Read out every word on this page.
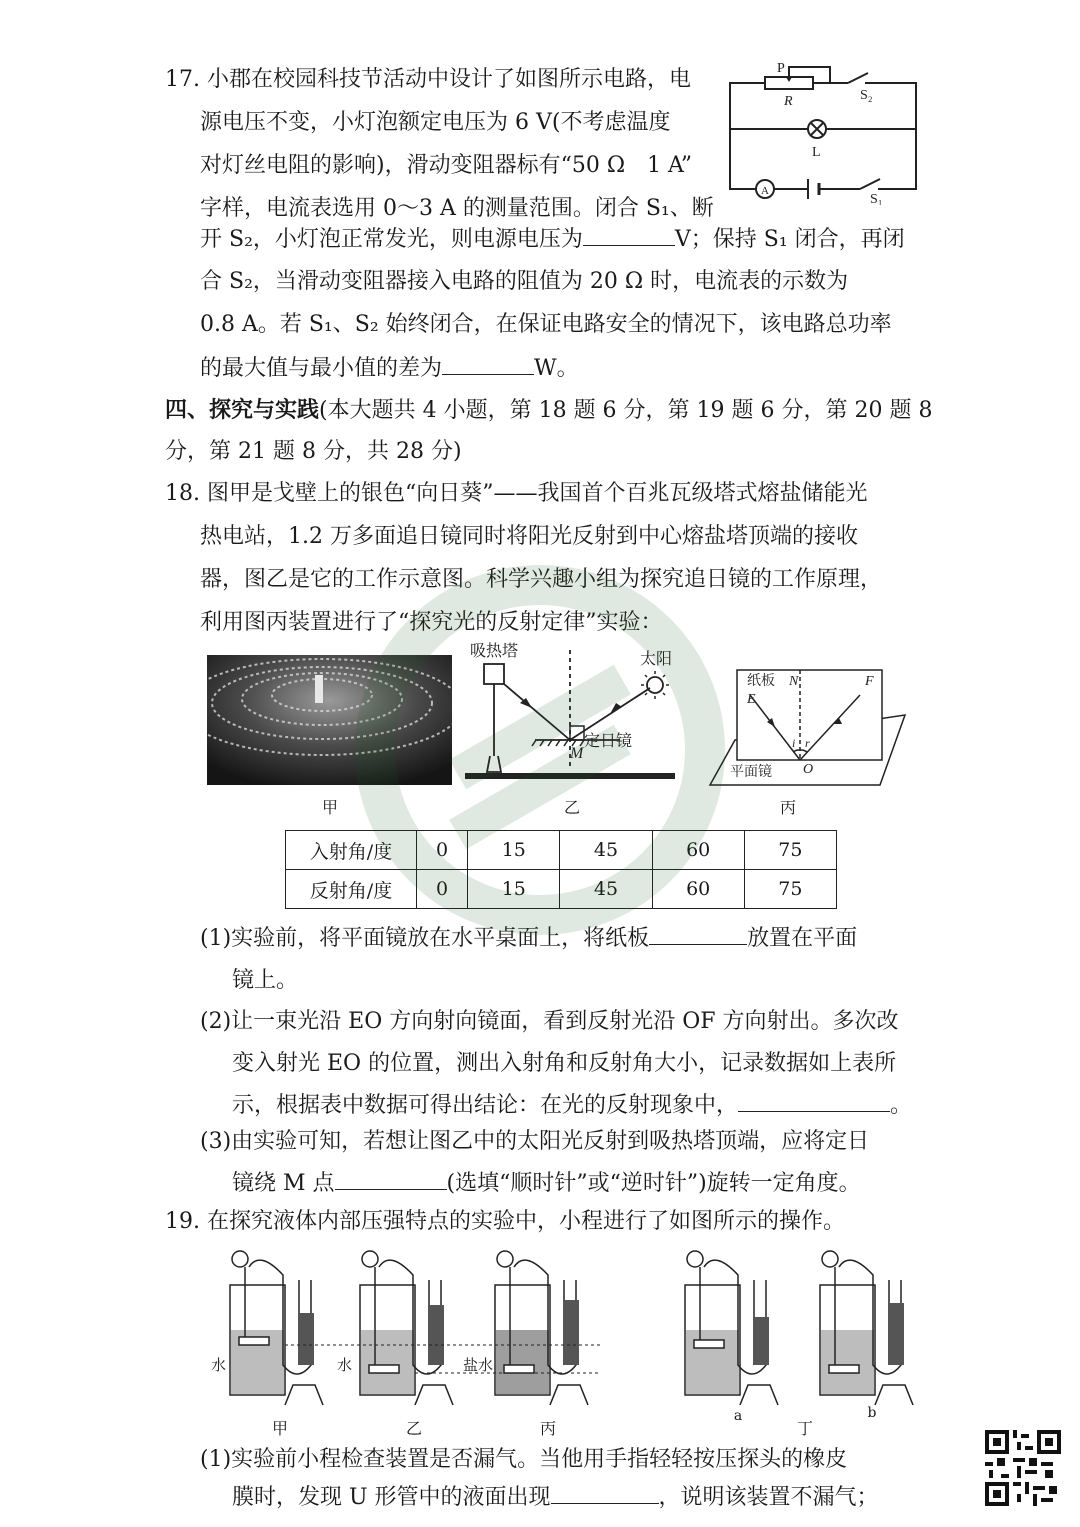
17. 小郡在校园科技节活动中设计了如图所示电路，电
源电压不变，小灯泡额定电压为 6 V(不考虑温度
对灯丝电阻的影响)，滑动变阻器标有“50 Ω　1 A”
字样，电流表选用 0～3 A 的测量范围。闭合 S₁、断
开 S₂，小灯泡正常发光，则电源电压为	V；保持 S₁ 闭合，再闭
合 S₂，当滑动变阻器接入电路的阻值为 20 Ω 时，电流表的示数为
0.8 A。若 S₁、S₂ 始终闭合，在保证电路安全的情况下，该电路总功率
的最大值与最小值的差为	W。
P
R	S₂
L
A
S₁
四、探究与实践(本大题共 4 小题，第 18 题 6 分，第 19 题 6 分，第 20 题 8
分，第 21 题 8 分，共 28 分)
18. 图甲是戈壁上的银色“向日葵”——我国首个百兆瓦级塔式熔盐储能光
热电站，1.2 万多面追日镜同时将阳光反射到中心熔盐塔顶端的接收
器，图乙是它的工作示意图。科学兴趣小组为探究追日镜的工作原理，
利用图丙装置进行了“探究光的反射定律”实验：
吸热塔	太阳
定日镜
M
纸板 N
E
F
i r
O
平面镜
甲	乙	丙
入射角/度	0	15	45	60	75
反射角/度	0	15	45	60	75
(1)实验前，将平面镜放在水平桌面上，将纸板	放置在平面
镜上。
(2)让一束光沿 EO 方向射向镜面，看到反射光沿 OF 方向射出。多次改
变入射光 EO 的位置，测出入射角和反射角大小，记录数据如上表所
示，根据表中数据可得出结论：在光的反射现象中，	。
(3)由实验可知，若想让图乙中的太阳光反射到吸热塔顶端，应将定日
镜绕 M 点	(选填“顺时针”或“逆时针”)旋转一定角度。
19. 在探究液体内部压强特点的实验中，小程进行了如图所示的操作。
水	水	盐水
甲	乙	丙
a
丁
b
(1)实验前小程检查装置是否漏气。当他用手指轻轻按压探头的橡皮
膜时，发现 U 形管中的液面出现	，说明该装置不漏气；
